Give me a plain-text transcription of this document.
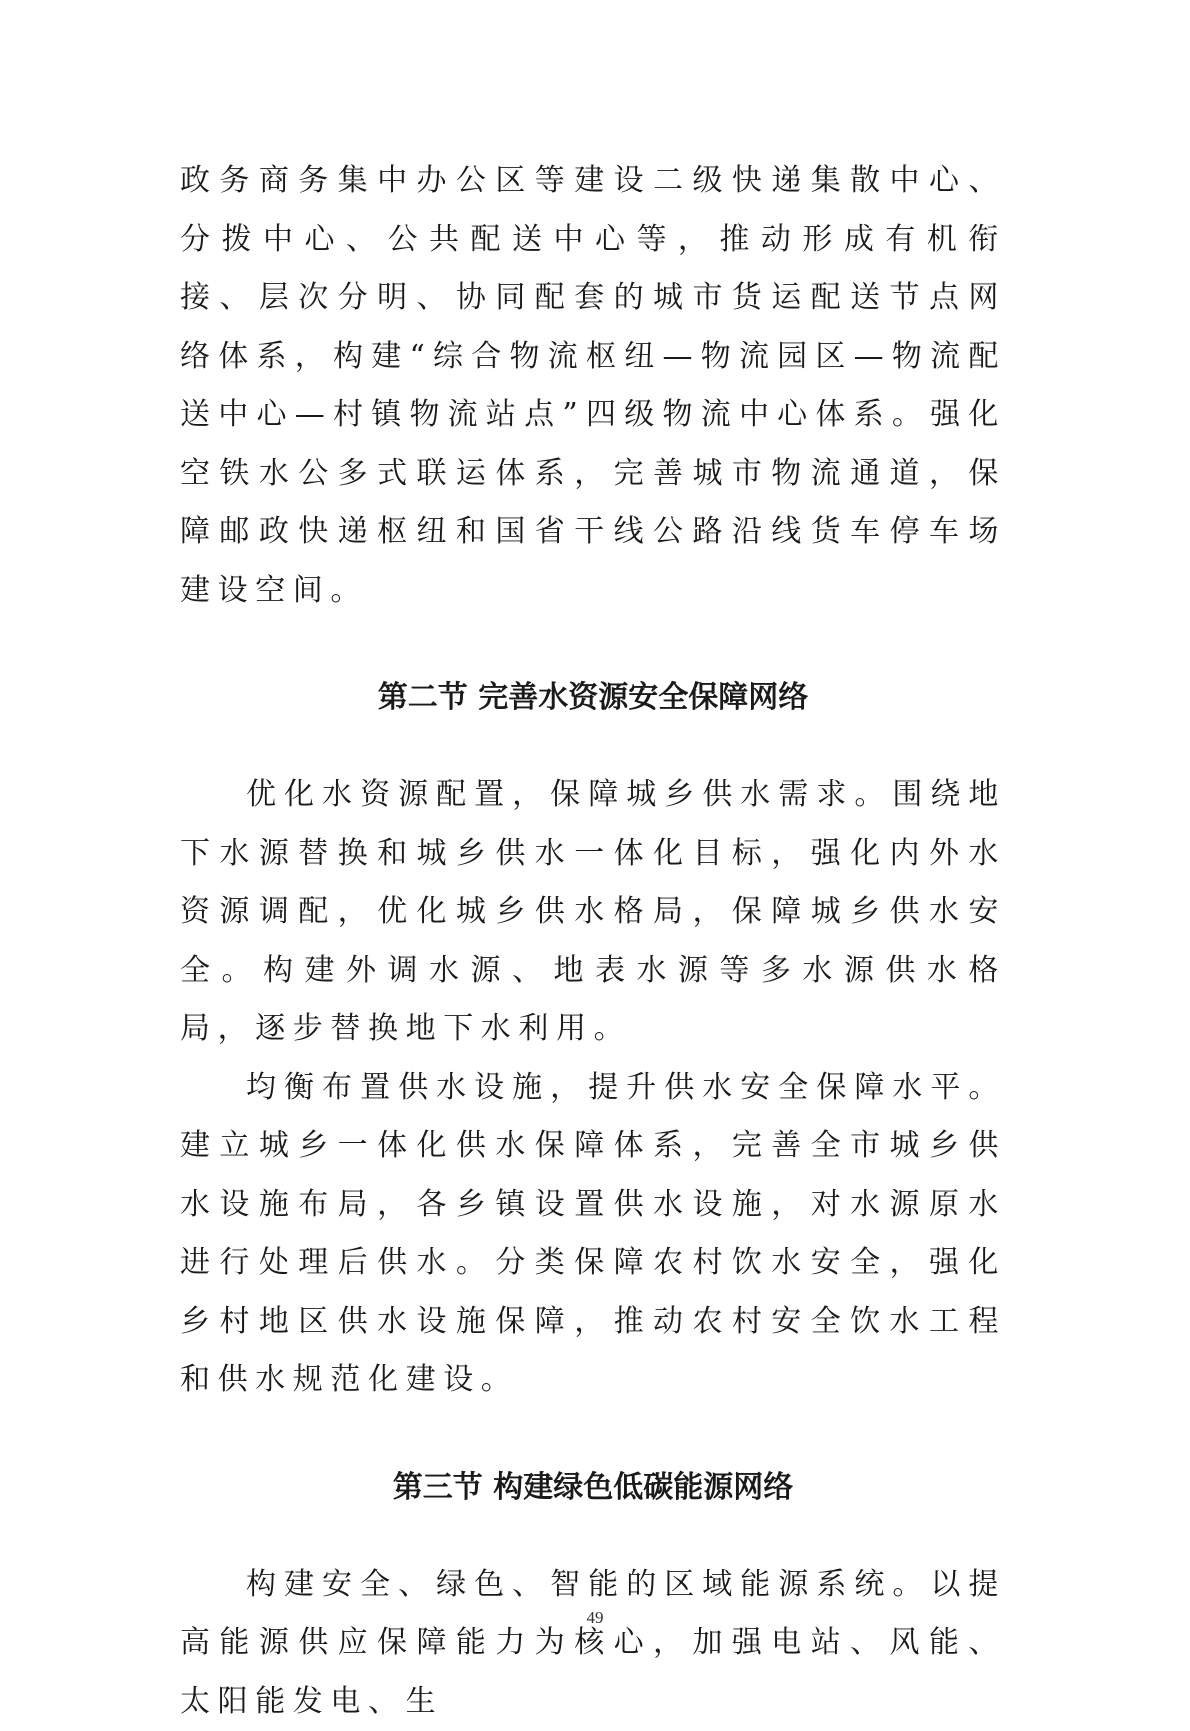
政务商务集中办公区等建设二级快递集散中心、分拨中心、公共配送中心等，推动形成有机衔接、层次分明、协同配套的城市货运配送节点网络体系，构建“综合物流枢纽—物流园区—物流配送中心—村镇物流站点”四级物流中心体系。强化空铁水公多式联运体系，完善城市物流通道，保障邮政快递枢纽和国省干线公路沿线货车停车场建设空间。

第二节 完善水资源安全保障网络

优化水资源配置，保障城乡供水需求。围绕地下水源替换和城乡供水一体化目标，强化内外水资源调配，优化城乡供水格局，保障城乡供水安全。构建外调水源、地表水源等多水源供水格局，逐步替换地下水利用。

均衡布置供水设施，提升供水安全保障水平。建立城乡一体化供水保障体系，完善全市城乡供水设施布局，各乡镇设置供水设施，对水源原水进行处理后供水。分类保障农村饮水安全，强化乡村地区供水设施保障，推动农村安全饮水工程和供水规范化建设。

第三节 构建绿色低碳能源网络

构建安全、绿色、智能的区域能源系统。以提高能源供应保障能力为核心，加强电站、风能、太阳能发电、生

49
